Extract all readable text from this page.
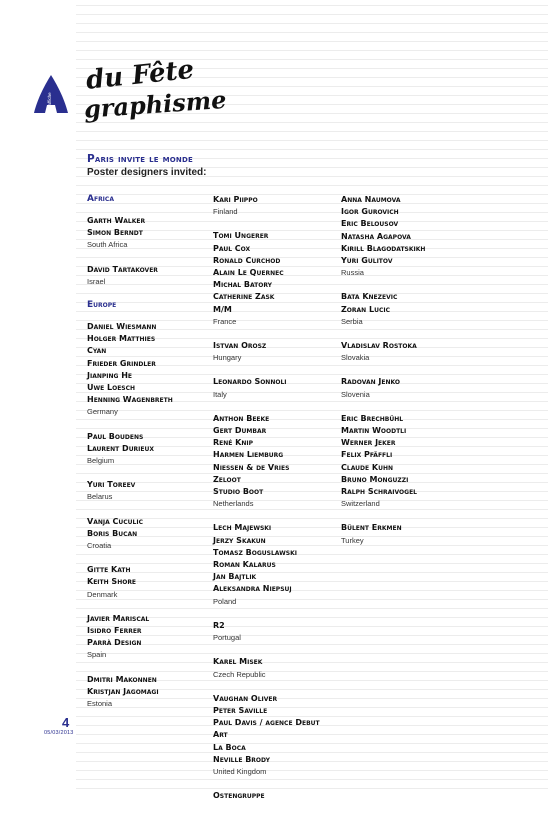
affiche
du Fête
graphisme
Paris invite le monde
Poster designers invited:
Africa
Garth Walker
Simon Berndt
South Africa
David Tartakover
Israel
Europe
Daniel Wiesmann
Holger Matthies
Cyan
Frieder Grindler
Jianping He
Uwe Loesch
Henning Wagenbreth
Germany
Paul Boudens
Laurent Durieux
Belgium
Yuri Toreev
Belarus
Vanja Cuculic
Boris Bucan
Croatia
Gitte Kath
Keith Shore
Denmark
Javier Mariscal
Isidro Ferrer
Parrà Design
Spain
Dmitri Makonnen
Kristjan Jagomagi
Estonia
Kari Piippo
Finland
Tomi Ungerer
Paul Cox
Ronald Curchod
Alain Le Quernec
Michal Batory
Catherine Zask
M/M
France
Istvan Orosz
Hungary
Leonardo Sonnoli
Italy
Anthon Beeke
Gert Dumbar
René Knip
Harmen Liemburg
Niessen & de Vries
Zeloot
Studio Boot
Netherlands
Lech Majewski
Jerzy Skakun
Tomasz Boguslawski
Roman Kalarus
Jan Bajtlik
Aleksandra Niepsuj
Poland
R2
Portugal
Karel Misek
Czech Republic
Vaughan Oliver
Peter Saville
Paul Davis / agence Debut
Art
La Boca
Neville Brody
United Kingdom
Ostengruppe
Anna Naumova
Igor Gurovich
Eric Belousov
Natasha Agapova
Kirill Blagodatskikh
Yuri Gulitov
Russia
Bata Knezevic
Zoran Lucic
Serbia
Vladislav Rostoka
Slovakia
Radovan Jenko
Slovenia
Eric Brechbühl
Martin Woodtli
Werner Jeker
Felix Pfäffli
Claude Kuhn
Bruno Monguzzi
Ralph Schraivogel
Switzerland
Bülent Erkmen
Turkey
4
05/03/2013
